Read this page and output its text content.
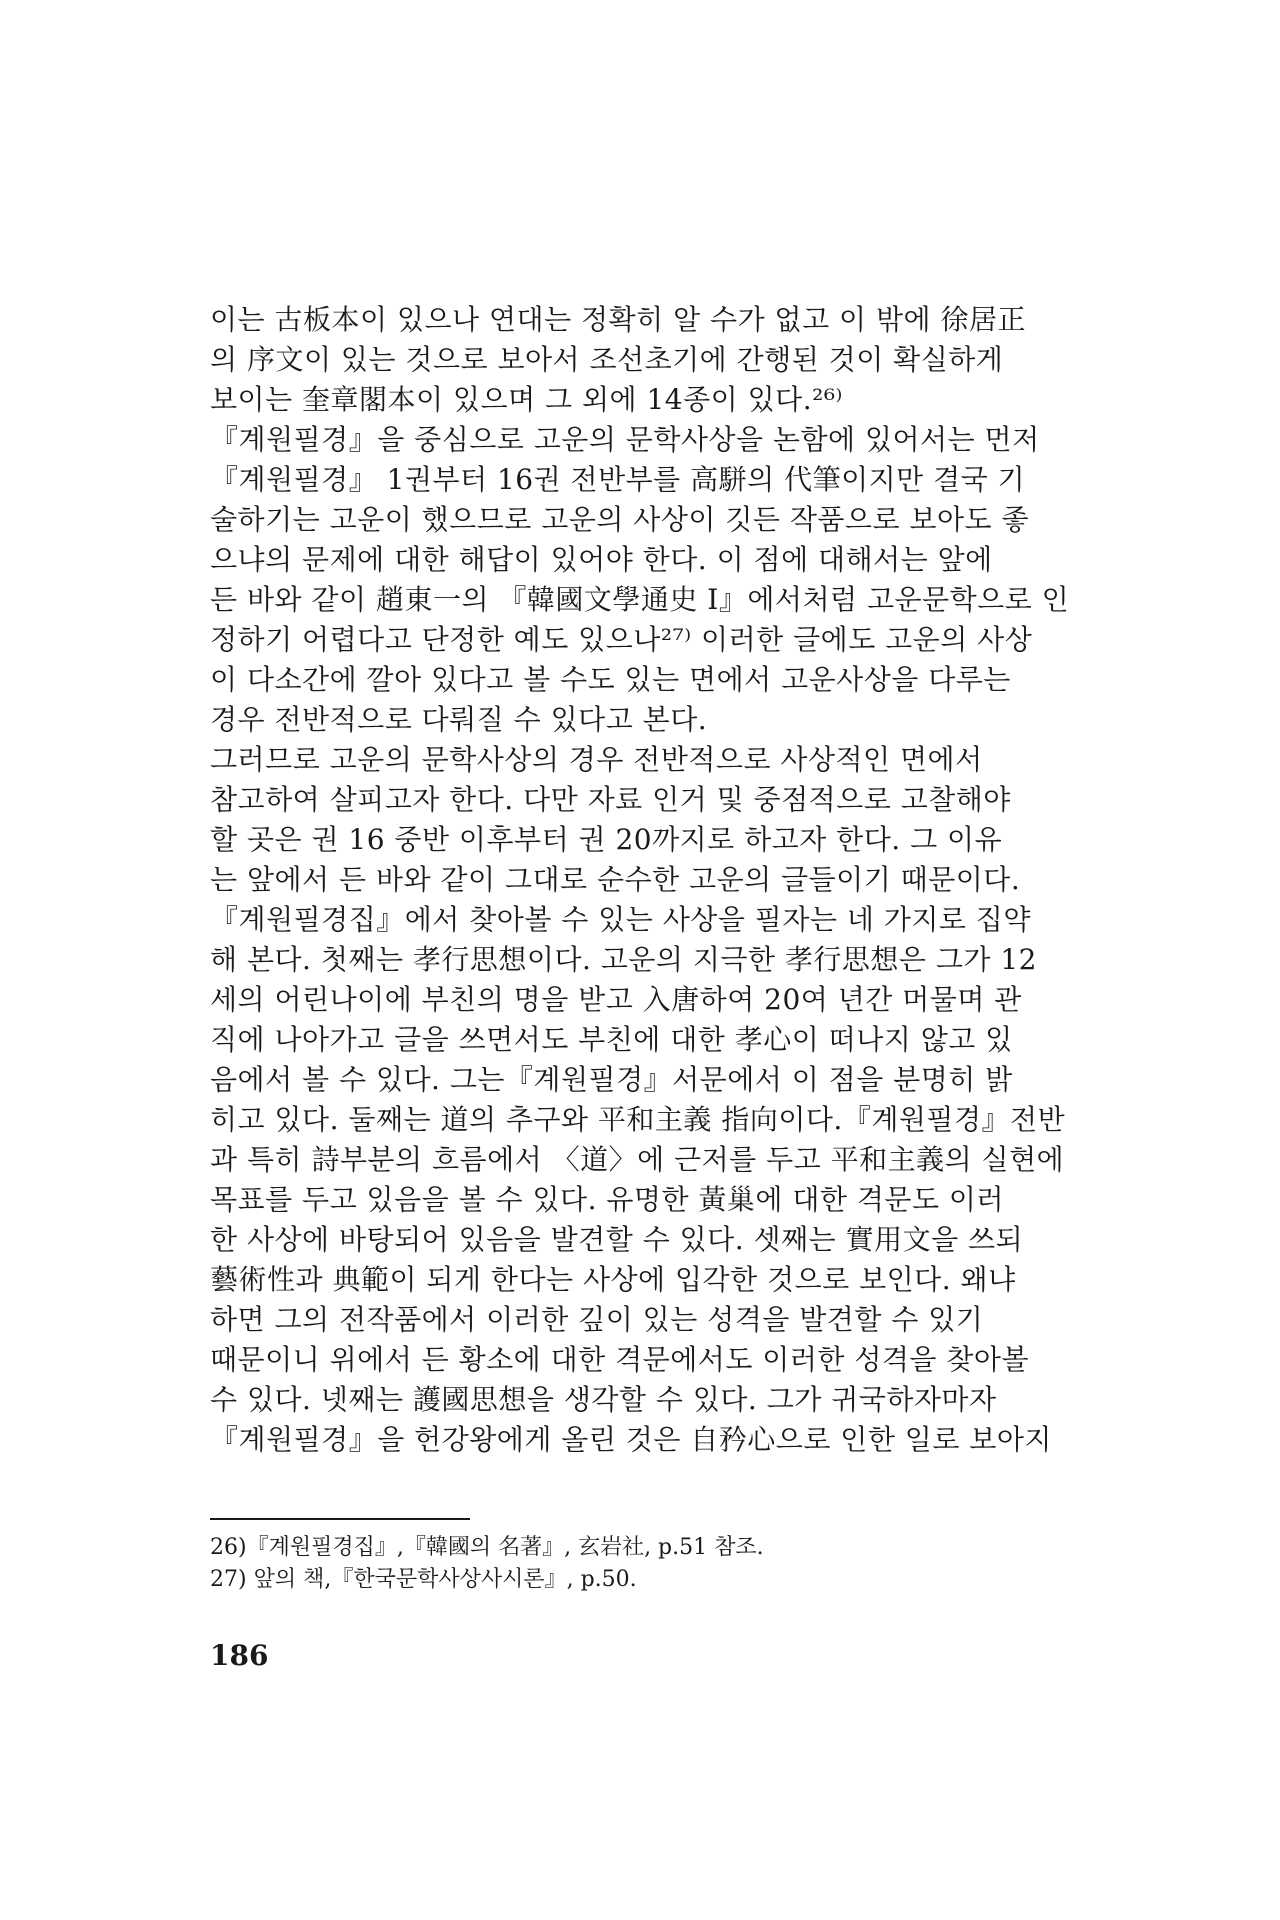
이는 古板本이 있으나 연대는 정확히 알 수가 없고 이 밖에 徐居正
의 序文이 있는 것으로 보아서 조선초기에 간행된 것이 확실하게
보이는 奎章閣本이 있으며 그 외에 14종이 있다.²⁶⁾
『계원필경』을 중심으로 고운의 문학사상을 논함에 있어서는 먼저
『계원필경』 1권부터 16권 전반부를 高駢의 代筆이지만 결국 기
술하기는 고운이 했으므로 고운의 사상이 깃든 작품으로 보아도 좋
으냐의 문제에 대한 해답이 있어야 한다. 이 점에 대해서는 앞에
든 바와 같이 趙東一의 『韓國文學通史 Ⅰ』에서처럼 고운문학으로 인
정하기 어렵다고 단정한 예도 있으나²⁷⁾ 이러한 글에도 고운의 사상
이 다소간에 깔아 있다고 볼 수도 있는 면에서 고운사상을 다루는
경우 전반적으로 다뤄질 수 있다고 본다.
그러므로 고운의 문학사상의 경우 전반적으로 사상적인 면에서
참고하여 살피고자 한다. 다만 자료 인거 및 중점적으로 고찰해야
할 곳은 권 16 중반 이후부터 권 20까지로 하고자 한다. 그 이유
는 앞에서 든 바와 같이 그대로 순수한 고운의 글들이기 때문이다.
『계원필경집』에서 찾아볼 수 있는 사상을 필자는 네 가지로 집약
해 본다. 첫째는 孝行思想이다. 고운의 지극한 孝行思想은 그가 12
세의 어린나이에 부친의 명을 받고 入唐하여 20여 년간 머물며 관
직에 나아가고 글을 쓰면서도 부친에 대한 孝心이 떠나지 않고 있
음에서 볼 수 있다. 그는『계원필경』서문에서 이 점을 분명히 밝
히고 있다. 둘째는 道의 추구와 平和主義 指向이다.『계원필경』전반
과 특히 詩부분의 흐름에서 〈道〉에 근저를 두고 平和主義의 실현에
목표를 두고 있음을 볼 수 있다. 유명한 黃巢에 대한 격문도 이러
한 사상에 바탕되어 있음을 발견할 수 있다. 셋째는 實用文을 쓰되
藝術性과 典範이 되게 한다는 사상에 입각한 것으로 보인다. 왜냐
하면 그의 전작품에서 이러한 깊이 있는 성격을 발견할 수 있기
때문이니 위에서 든 황소에 대한 격문에서도 이러한 성격을 찾아볼
수 있다. 넷째는 護國思想을 생각할 수 있다. 그가 귀국하자마자
『계원필경』을 헌강왕에게 올린 것은 自矜心으로 인한 일로 보아지
26)『계원필경집』,『韓國의 名著』, 玄岩社, p.51 참조.
27) 앞의 책,『한국문학사상사시론』, p.50.
186
